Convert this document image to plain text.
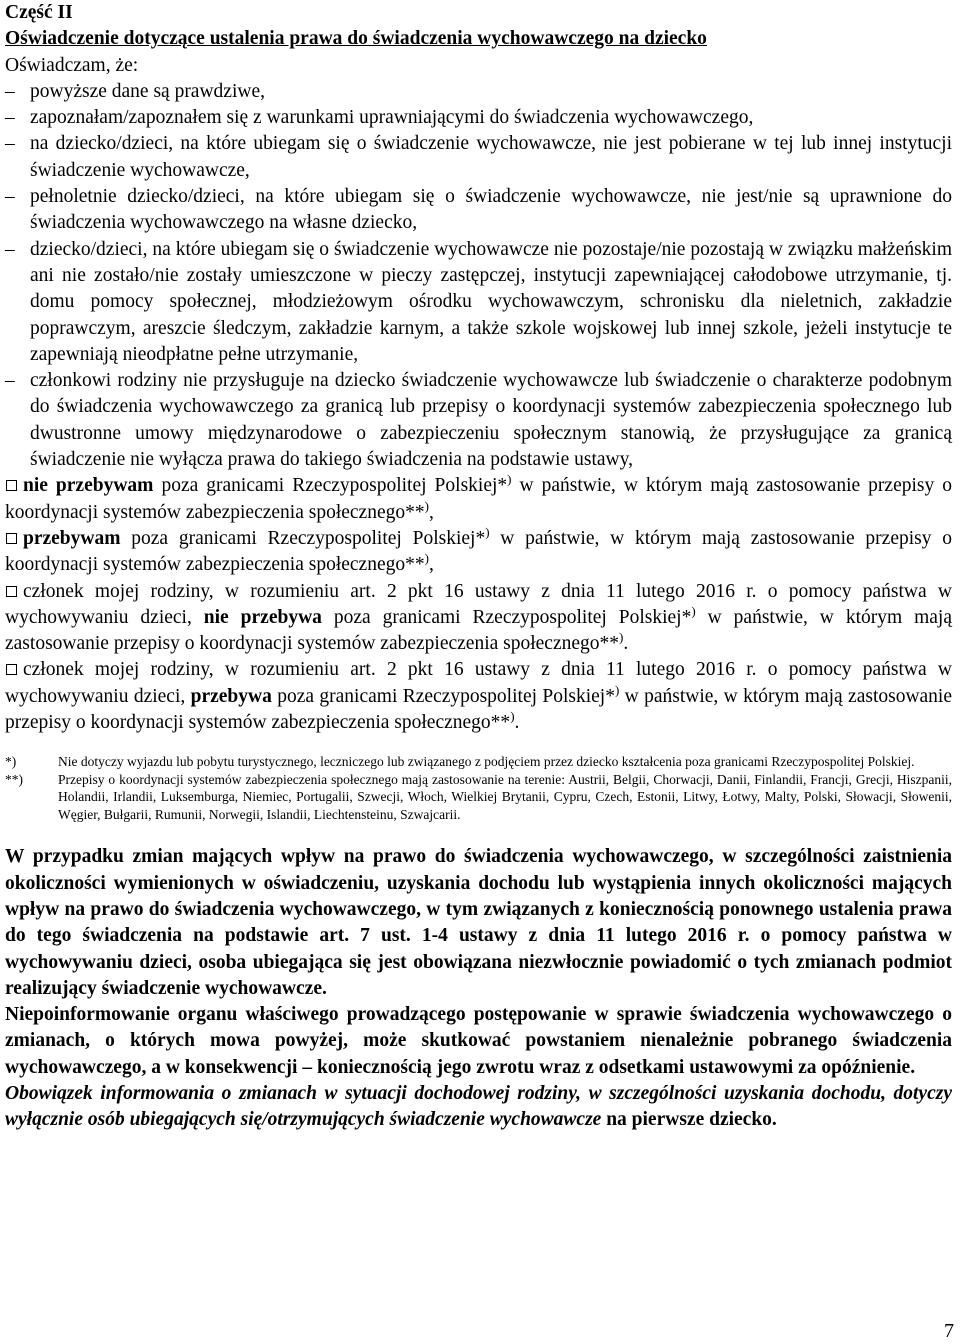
Część II

Oświadczenie dotyczące ustalenia prawa do świadczenia wychowawczego na dziecko

Oświadczam, że:

– powyższe dane są prawdziwe,
– zapoznałam/zapoznałem się z warunkami uprawniającymi do świadczenia wychowawczego,
– na dziecko/dzieci, na które ubiegam się o świadczenie wychowawcze, nie jest pobierane w tej lub innej instytucji świadczenie wychowawcze,
– pełnoletnie dziecko/dzieci, na które ubiegam się o świadczenie wychowawcze, nie jest/nie są uprawnione do świadczenia wychowawczego na własne dziecko,
– dziecko/dzieci, na które ubiegam się o świadczenie wychowawcze nie pozostaje/nie pozostają w związku małżeńskim ani nie zostało/nie zostały umieszczone w pieczy zastępczej, instytucji zapewniającej całodobowe utrzymanie, tj. domu pomocy społecznej, młodzieżowym ośrodku wychowawczym, schronisku dla nieletnich, zakładzie poprawczym, areszcie śledczym, zakładzie karnym, a także szkole wojskowej lub innej szkole, jeżeli instytucje te zapewniają nieodpłatne pełne utrzymanie,
– członkowi rodziny nie przysługuje na dziecko świadczenie wychowawcze lub świadczenie o charakterze podobnym do świadczenia wychowawczego za granicą lub przepisy o koordynacji systemów zabezpieczenia społecznego lub dwustronne umowy międzynarodowe o zabezpieczeniu społecznym stanowią, że przysługujące za granicą świadczenie nie wyłącza prawa do takiego świadczenia na podstawie ustawy,

nie przebywam poza granicami Rzeczypospolitej Polskiej*) w państwie, w którym mają zastosowanie przepisy o koordynacji systemów zabezpieczenia społecznego**),

przebywam poza granicami Rzeczypospolitej Polskiej*) w państwie, w którym mają zastosowanie przepisy o koordynacji systemów zabezpieczenia społecznego**),

członek mojej rodziny, w rozumieniu art. 2 pkt 16 ustawy z dnia 11 lutego 2016 r. o pomocy państwa w wychowywaniu dzieci, nie przebywa poza granicami Rzeczypospolitej Polskiej*) w państwie, w którym mają zastosowanie przepisy o koordynacji systemów zabezpieczenia społecznego**).

członek mojej rodziny, w rozumieniu art. 2 pkt 16 ustawy z dnia 11 lutego 2016 r. o pomocy państwa w wychowywaniu dzieci, przebywa poza granicami Rzeczypospolitej Polskiej*) w państwie, w którym mają zastosowanie przepisy o koordynacji systemów zabezpieczenia społecznego**).

*)	Nie dotyczy wyjazdu lub pobytu turystycznego, leczniczego lub związanego z podjęciem przez dziecko kształcenia poza granicami Rzeczypospolitej Polskiej.

**)	Przepisy o koordynacji systemów zabezpieczenia społecznego mają zastosowanie na terenie: Austrii, Belgii, Chorwacji, Danii, Finlandii, Francji, Grecji, Hiszpanii, Holandii, Irlandii, Luksemburga, Niemiec, Portugalii, Szwecji, Włoch, Wielkiej Brytanii, Cypru, Czech, Estonii, Litwy, Łotwy, Malty, Polski, Słowacji, Słowenii, Węgier, Bułgarii, Rumunii, Norwegii, Islandii, Liechtensteinu, Szwajcarii.

W przypadku zmian mających wpływ na prawo do świadczenia wychowawczego, w szczególności zaistnienia okoliczności wymienionych w oświadczeniu, uzyskania dochodu lub wystąpienia innych okoliczności mających wpływ na prawo do świadczenia wychowawczego, w tym związanych z koniecznością ponownego ustalenia prawa do tego świadczenia na podstawie art. 7 ust. 1-4 ustawy z dnia 11 lutego 2016 r. o pomocy państwa w wychowywaniu dzieci, osoba ubiegająca się jest obowiązana niezwłocznie powiadomić o tych zmianach podmiot realizujący świadczenie wychowawcze.

Niepoinformowanie organu właściwego prowadzącego postępowanie w sprawie świadczenia wychowawczego o zmianach, o których mowa powyżej, może skutkować powstaniem nienależnie pobranego świadczenia wychowawczego, a w konsekwencji – koniecznością jego zwrotu wraz z odsetkami ustawowymi za opóźnienie.

Obowiązek informowania o zmianach w sytuacji dochodowej rodziny, w szczególności uzyskania dochodu, dotyczy wyłącznie osób ubiegających się/otrzymujących świadczenie wychowawcze na pierwsze dziecko.

7
